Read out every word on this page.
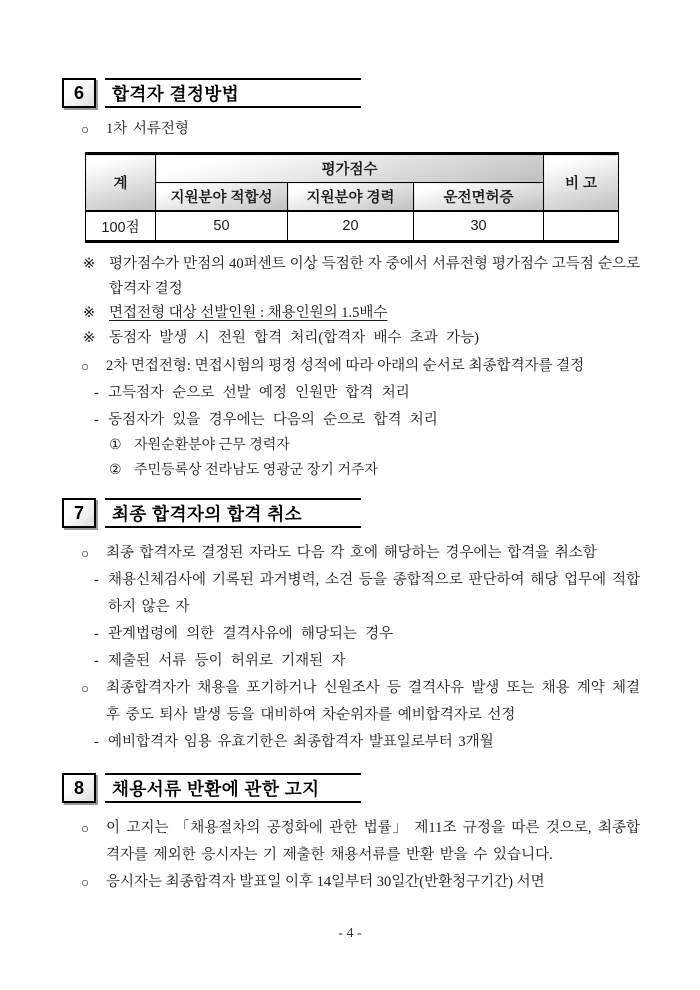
6	합격자 결정방법
○	1차 서류전형
계	평가점수			비 고
	지원분야 적합성	지원분야 경력	운전면허증	
100점	50	20	30	
※ 평가점수가 만점의 40퍼센트 이상 득점한 자 중에서 서류전형 평가점수 고득점 순으로 합격자 결정
※ 면접전형 대상 선발인원 : 채용인원의 1.5배수
※ 동점자 발생 시 전원 합격 처리(합격자 배수 초과 가능)
○	2차 면접전형: 면접시험의 평정 성적에 따라 아래의 순서로 최종합격자를 결정
- 고득점자 순으로 선발 예정 인원만 합격 처리
- 동점자가 있을 경우에는 다음의 순으로 합격 처리
① 자원순환분야 근무 경력자
② 주민등록상 전라남도 영광군 장기 거주자
7	최종 합격자의 합격 취소
○	최종 합격자로 결정된 자라도 다음 각 호에 해당하는 경우에는 합격을 취소함
- 채용신체검사에 기록된 과거병력, 소견 등을 종합적으로 판단하여 해당 업무에 적합하지 않은 자
- 관계법령에 의한 결격사유에 해당되는 경우
- 제출된 서류 등이 허위로 기재된 자
○	최종합격자가 채용을 포기하거나 신원조사 등 결격사유 발생 또는 채용 계약 체결 후 중도 퇴사 발생 등을 대비하여 차순위자를 예비합격자로 선정
- 예비합격자 임용 유효기한은 최종합격자 발표일로부터 3개월
8	채용서류 반환에 관한 고지
○	이 고지는 「채용절차의 공정화에 관한 법률」 제11조 규정을 따른 것으로, 최종합격자를 제외한 응시자는 기 제출한 채용서류를 반환 받을 수 있습니다.
○	응시자는 최종합격자 발표일 이후 14일부터 30일간(반환청구기간) 서면
- 4 -
